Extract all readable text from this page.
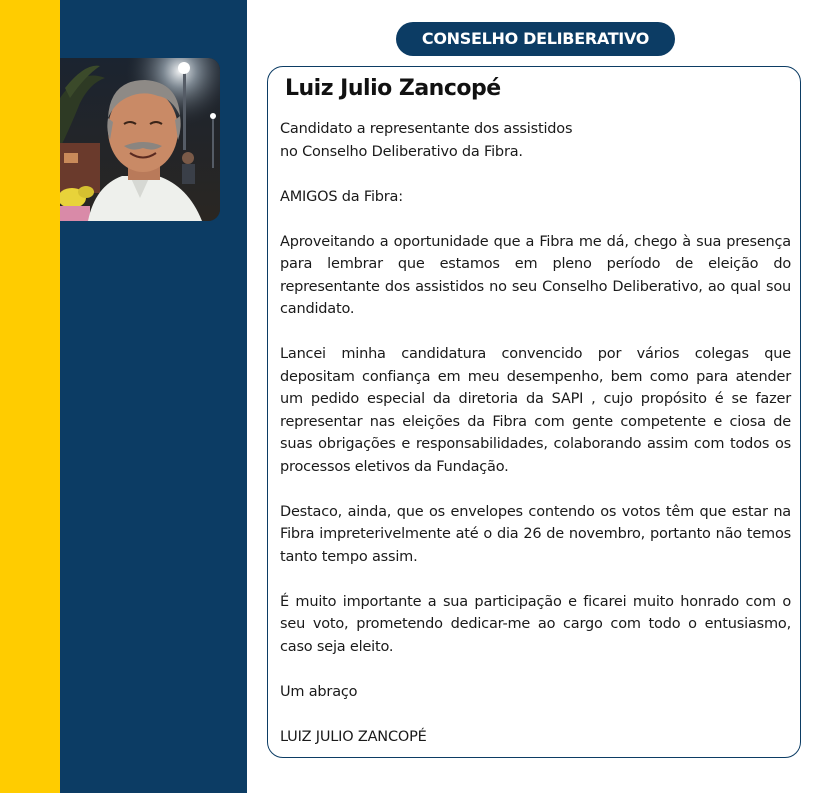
CONSELHO DELIBERATIVO
Luiz Julio Zancopé

Candidato a representante dos assistidos
no Conselho Deliberativo da Fibra.

AMIGOS da Fibra:

Aproveitando a oportunidade que a Fibra me dá, chego à sua presença para lembrar que estamos em pleno período de eleição do representante dos assistidos no seu Conselho Deliberativo, ao qual sou candidato.

Lancei minha candidatura convencido por vários colegas que depositam confiança em meu desempenho, bem como para atender um pedido especial da diretoria da SAPI , cujo propósito é se fazer representar nas eleições da Fibra com gente competente e ciosa de suas obrigações e responsabilidades, colaborando assim com todos os processos eletivos da Fundação.

Destaco, ainda, que os envelopes contendo os votos têm que estar na Fibra impreterivelmente até o dia 26 de novembro, portanto não temos tanto tempo assim.

É muito importante a sua participação e ficarei muito honrado com o seu voto, prometendo dedicar-me ao cargo com todo o entusiasmo, caso seja eleito.

Um abraço

LUIZ JULIO ZANCOPÉ
